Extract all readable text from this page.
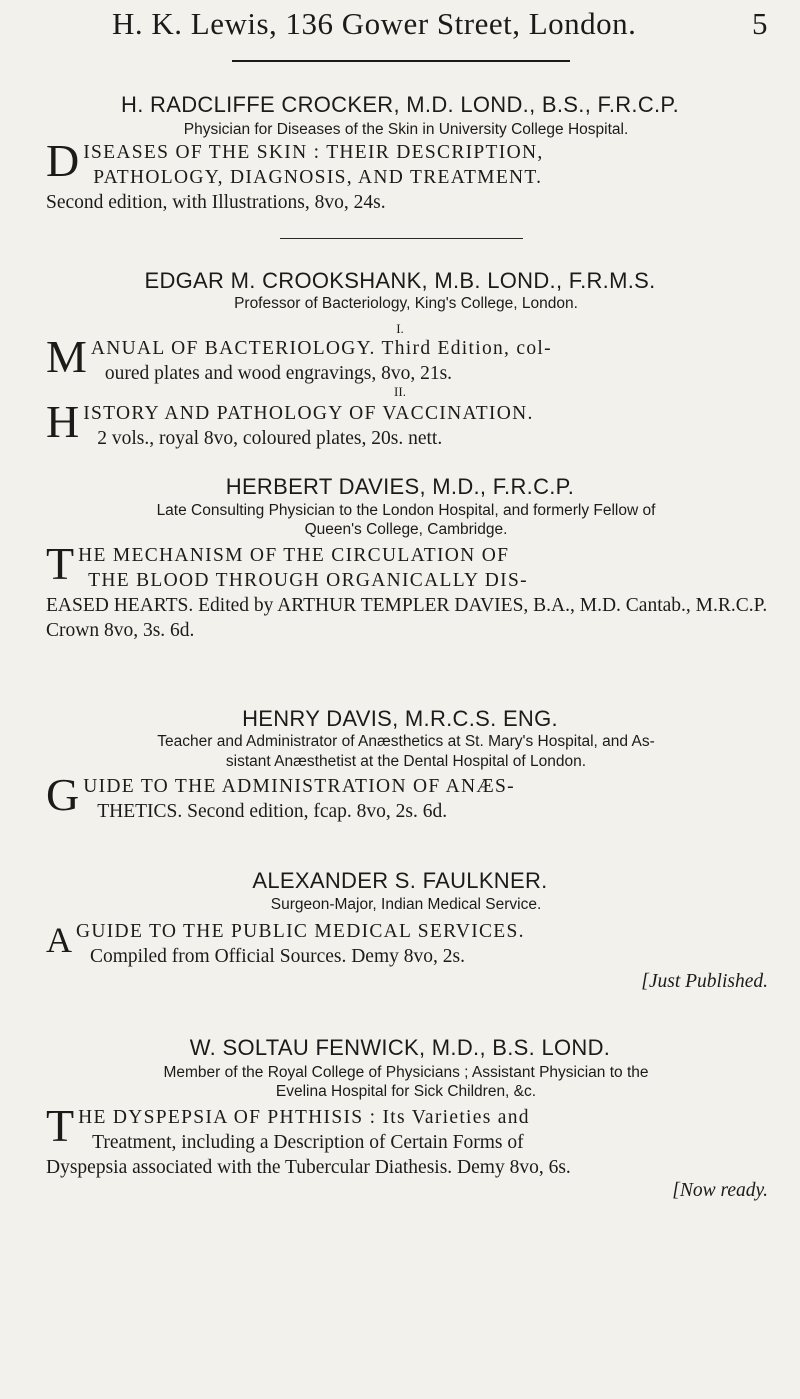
H. K. Lewis, 136 Gower Street, London.	5
H. RADCLIFFE CROCKER, M.D. LOND., B.S., F.R.C.P.
Physician for Diseases of the Skin in University College Hospital.
D ISEASES OF THE SKIN : THEIR DESCRIPTION,
PATHOLOGY, DIAGNOSIS, AND TREATMENT.
Second edition, with Illustrations, 8vo, 24s.
EDGAR M. CROOKSHANK, M.B. LOND., F.R.M.S.
Professor of Bacteriology, King's College, London.
I.
M ANUAL OF BACTERIOLOGY. Third Edition, col-
oured plates and wood engravings, 8vo, 21s.
II.
H ISTORY AND PATHOLOGY OF VACCINATION.
2 vols., royal 8vo, coloured plates, 20s. nett.
HERBERT DAVIES, M.D., F.R.C.P.
Late Consulting Physician to the London Hospital, and formerly Fellow of
Queen's College, Cambridge.
T HE MECHANISM OF THE CIRCULATION OF
THE BLOOD THROUGH ORGANICALLY DIS-
EASED HEARTS. Edited by ARTHUR TEMPLER DAVIES, B.A., M.D. Cantab., M.R.C.P. Crown 8vo, 3s. 6d.
HENRY DAVIS, M.R.C.S. ENG.
Teacher and Administrator of Anæsthetics at St. Mary's Hospital, and As-
sistant Anæsthetist at the Dental Hospital of London.
G UIDE TO THE ADMINISTRATION OF ANÆS-
THETICS. Second edition, fcap. 8vo, 2s. 6d.
ALEXANDER S. FAULKNER.
Surgeon-Major, Indian Medical Service.
A GUIDE TO THE PUBLIC MEDICAL SERVICES.
Compiled from Official Sources. Demy 8vo, 2s.
[Just Published.
W. SOLTAU FENWICK, M.D., B.S. LOND.
Member of the Royal College of Physicians ; Assistant Physician to the
Evelina Hospital for Sick Children, &c.
T HE DYSPEPSIA OF PHTHISIS : Its Varieties and
Treatment, including a Description of Certain Forms of
Dyspepsia associated with the Tubercular Diathesis. Demy 8vo, 6s.
[Now ready.
